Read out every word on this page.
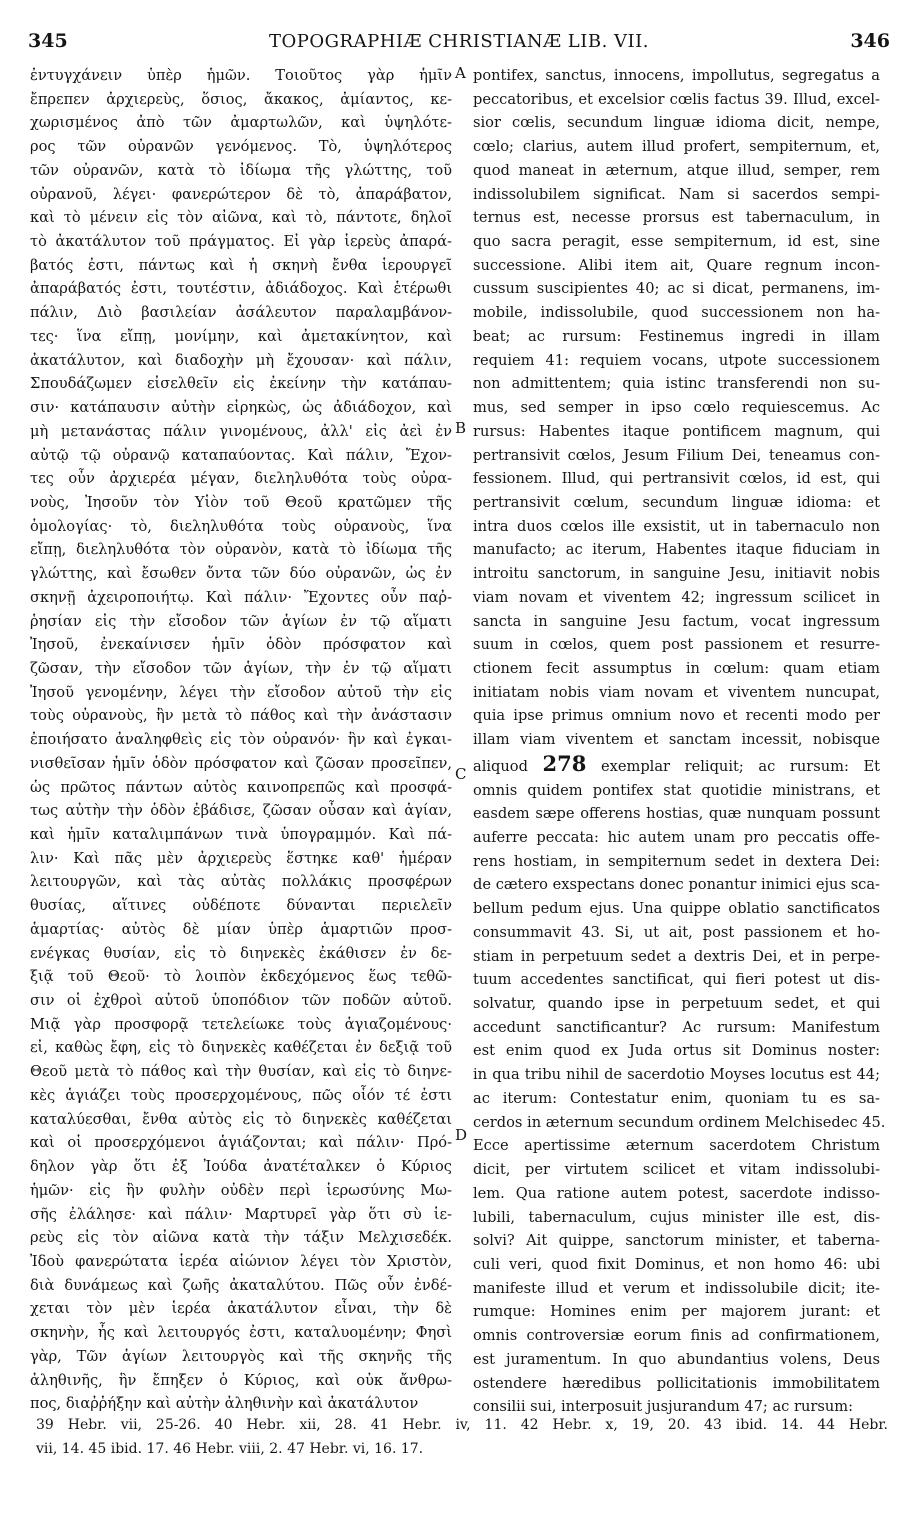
345	TOPOGRAPHIÆ CHRISTIANÆ LIB. VII.	346
ἐντυγχάνειν ὑπὲρ ἡμῶν. Τοιοῦτος γὰρ ἡμῖν
ἔπρεπεν ἀρχιερεὺς, ὅσιος, ἄκακος, ἀμίαντος, κε-
χωρισμένος ἀπὸ τῶν ἀμαρτωλῶν, καὶ ὑψηλότε-
ρος τῶν οὐρανῶν γενόμενος. Τὸ, ὑψηλότερος
τῶν οὐρανῶν, κατὰ τὸ ἰδίωμα τῆς γλώττης, τοῦ
οὐρανοῦ, λέγει· φανερώτερον δὲ τὸ, ἀπαράβατον,
καὶ τὸ μένειν εἰς τὸν αἰῶνα, καὶ τὸ, πάντοτε, δηλοῖ
τὸ ἀκατάλυτον τοῦ πράγματος. Εἰ γὰρ ἱερεὺς ἀπαρά-
βατός ἐστι, πάντως καὶ ἡ σκηνὴ ἔνθα ἱερουργεῖ
ἀπαράβατός ἐστι, τουτέστιν, ἀδιάδοχος. Καὶ ἑτέρωθι
πάλιν, Διὸ βασιλείαν ἀσάλευτον παραλαμβάνον-
τες· ἵνα εἴπῃ, μονίμην, καὶ ἀμετακίνητον, καὶ
ἀκατάλυτον, καὶ διαδοχὴν μὴ ἔχουσαν· καὶ πάλιν,
Σπουδάζωμεν εἰσελθεῖν εἰς ἐκείνην τὴν κατάπαυ-
σιν· κατάπαυσιν αὐτὴν εἰρηκὼς, ὡς ἀδιάδοχον, καὶ
μὴ μετανάστας πάλιν γινομένους, ἀλλ' εἰς ἀεὶ ἐν
αὐτῷ τῷ οὐρανῷ καταπαύοντας. Καὶ πάλιν, Ἔχον-
τες οὖν ἀρχιερέα μέγαν, διεληλυθότα τοὺς οὐρα-
νοὺς, Ἰησοῦν τὸν Υἱὸν τοῦ Θεοῦ κρατῶμεν τῆς
ὁμολογίας· τὸ, διεληλυθότα τοὺς οὐρανοὺς, ἵνα
εἴπῃ, διεληλυθότα τὸν οὐρανὸν, κατὰ τὸ ἰδίωμα τῆς
γλώττης, καὶ ἔσωθεν ὄντα τῶν δύο οὐρανῶν, ὡς ἐν
σκηνῇ ἀχειροποιήτῳ. Καὶ πάλιν· Ἔχοντες οὖν παῤ-
ῥησίαν εἰς τὴν εἴσοδον τῶν ἁγίων ἐν τῷ αἵματι
Ἰησοῦ, ἐνεκαίνισεν ἡμῖν ὁδὸν πρόσφατον καὶ
ζῶσαν, τὴν εἴσοδον τῶν ἁγίων, τὴν ἐν τῷ αἵματι
Ἰησοῦ γενομένην, λέγει τὴν εἴσοδον αὐτοῦ τὴν εἰς
τοὺς οὐρανοὺς, ἣν μετὰ τὸ πάθος καὶ τὴν ἀνάστασιν
ἐποιήσατο ἀναληφθεὶς εἰς τὸν οὐρανόν· ἣν καὶ ἐγκαι-
νισθεῖσαν ἡμῖν ὁδὸν πρόσφατον καὶ ζῶσαν προσεῖπεν,
ὡς πρῶτος πάντων αὐτὸς καινοπρεπῶς καὶ προσφά-
τως αὐτὴν τὴν ὁδὸν ἐβάδισε, ζῶσαν οὖσαν καὶ ἁγίαν,
καὶ ἡμῖν καταλιμπάνων τινὰ ὑπογραμμόν. Καὶ πά-
λιν· Καὶ πᾶς μὲν ἀρχιερεὺς ἕστηκε καθ' ἡμέραν
λειτουργῶν, καὶ τὰς αὐτὰς πολλάκις προσφέρων
θυσίας, αἵτινες οὐδέποτε δύνανται περιελεῖν
ἁμαρτίας· αὐτὸς δὲ μίαν ὑπὲρ ἁμαρτιῶν προσ-
ενέγκας θυσίαν, εἰς τὸ διηνεκὲς ἐκάθισεν ἐν δε-
ξιᾷ τοῦ Θεοῦ· τὸ λοιπὸν ἐκδεχόμενος ἕως τεθῶ-
σιν οἱ ἐχθροὶ αὐτοῦ ὑποπόδιον τῶν ποδῶν αὐτοῦ.
Μιᾷ γὰρ προσφορᾷ τετελείωκε τοὺς ἁγιαζομένους·
εἰ, καθὼς ἔφη, εἰς τὸ διηνεκὲς καθέζεται ἐν δεξιᾷ τοῦ
Θεοῦ μετὰ τὸ πάθος καὶ τὴν θυσίαν, καὶ εἰς τὸ διηνε-
κὲς ἁγιάζει τοὺς προσερχομένους, πῶς οἷόν τέ ἐστι
καταλύεσθαι, ἔνθα αὐτὸς εἰς τὸ διηνεκὲς καθέζεται
καὶ οἱ προσερχόμενοι ἁγιάζονται; καὶ πάλιν· Πρό-
δηλον γὰρ ὅτι ἐξ Ἰούδα ἀνατέταλκεν ὁ Κύριος
ἡμῶν· εἰς ἣν φυλὴν οὐδὲν περὶ ἱερωσύνης Μω-
σῆς ἐλάλησε· καὶ πάλιν· Μαρτυρεῖ γὰρ ὅτι σὺ ἱε-
ρεὺς εἰς τὸν αἰῶνα κατὰ τὴν τάξιν Μελχισεδέκ.
Ἰδοὺ φανερώτατα ἱερέα αἰώνιον λέγει τὸν Χριστὸν,
διὰ δυνάμεως καὶ ζωῆς ἀκαταλύτου. Πῶς οὖν ἐνδέ-
χεται τὸν μὲν ἱερέα ἀκατάλυτον εἶναι, τὴν δὲ
σκηνὴν, ἧς καὶ λειτουργός ἐστι, καταλυομένην; Φησὶ
γὰρ, Τῶν ἁγίων λειτουργὸς καὶ τῆς σκηνῆς τῆς
ἀληθινῆς, ἣν ἔπηξεν ὁ Κύριος, καὶ οὐκ ἄνθρω-
πος, διαῤῥήξην καὶ αὐτὴν ἀληθινὴν καὶ ἀκατάλυτον
pontifex, sanctus, innocens, impollutus, segregatus a
peccatoribus, et excelsior cœlis factus 39. Illud, excel-
sior cœlis, secundum linguæ idioma dicit, nempe,
cœlo; clarius, autem illud profert, sempiternum, et,
quod maneat in æternum, atque illud, semper, rem
indissolubilem significat. Nam si sacerdos sempi-
ternus est, necesse prorsus est tabernaculum, in
quo sacra peragit, esse sempiternum, id est, sine
successione. Alibi item ait, Quare regnum incon-
cussum suscipientes 40; ac si dicat, permanens, im-
mobile, indissolubile, quod successionem non ha-
beat; ac rursum: Festinemus ingredi in illam
requiem 41: requiem vocans, utpote successionem
non admittentem; quia istinc transferendi non su-
mus, sed semper in ipso cœlo requiescemus. Ac
rursus: Habentes itaque pontificem magnum, qui
pertransivit cœlos, Jesum Filium Dei, teneamus con-
fessionem. Illud, qui pertransivit cœlos, id est, qui
pertransivit cœlum, secundum linguæ idioma: et
intra duos cœlos ille exsistit, ut in tabernaculo non
manufacto; ac iterum, Habentes itaque fiduciam in
introitu sanctorum, in sanguine Jesu, initiavit nobis
viam novam et viventem 42; ingressum scilicet in
sancta in sanguine Jesu factum, vocat ingressum
suum in cœlos, quem post passionem et resurre-
ctionem fecit assumptus in cœlum: quam etiam
initiatam nobis viam novam et viventem nuncupat,
quia ipse primus omnium novo et recenti modo per
illam viam viventem et sanctam incessit, nobisque
aliquod 278 exemplar reliquit; ac rursum: Et
omnis quidem pontifex stat quotidie ministrans, et
easdem sæpe offerens hostias, quæ nunquam possunt
auferre peccata: hic autem unam pro peccatis offe-
rens hostiam, in sempiternum sedet in dextera Dei:
de cætero exspectans donec ponantur inimici ejus sca-
bellum pedum ejus. Una quippe oblatio sanctificatos
consummavit 43. Si, ut ait, post passionem et ho-
stiam in perpetuum sedet a dextris Dei, et in perpe-
tuum accedentes sanctificat, qui fieri potest ut dis-
solvatur, quando ipse in perpetuum sedet, et qui
accedunt sanctificantur? Ac rursum: Manifestum
est enim quod ex Juda ortus sit Dominus noster:
in qua tribu nihil de sacerdotio Moyses locutus est 44;
ac iterum: Contestatur enim, quoniam tu es sa-
cerdos in æternum secundum ordinem Melchisedec 45.
Ecce apertissime æternum sacerdotem Christum
dicit, per virtutem scilicet et vitam indissolubi-
lem. Qua ratione autem potest, sacerdote indisso-
lubili, tabernaculum, cujus minister ille est, dis-
solvi? Ait quippe, sanctorum minister, et taberna-
culi veri, quod fixit Dominus, et non homo 46: ubi
manifeste illud et verum et indissolubile dicit; ite-
rumque: Homines enim per majorem jurant: et
omnis controversiæ eorum finis ad confirmationem,
est juramentum. In quo abundantius volens, Deus
ostendere hæredibus pollicitationis immobilitatem
consilii sui, interposuit jusjurandum 47; ac rursum:
A
B
C
D
39 Hebr. vii, 25-26. 40 Hebr. xii, 28. 41 Hebr. iv, 11. 42 Hebr. x, 19, 20. 43 ibid. 14. 44 Hebr.
vii, 14. 45 ibid. 17. 46 Hebr. viii, 2. 47 Hebr. vi, 16. 17.
